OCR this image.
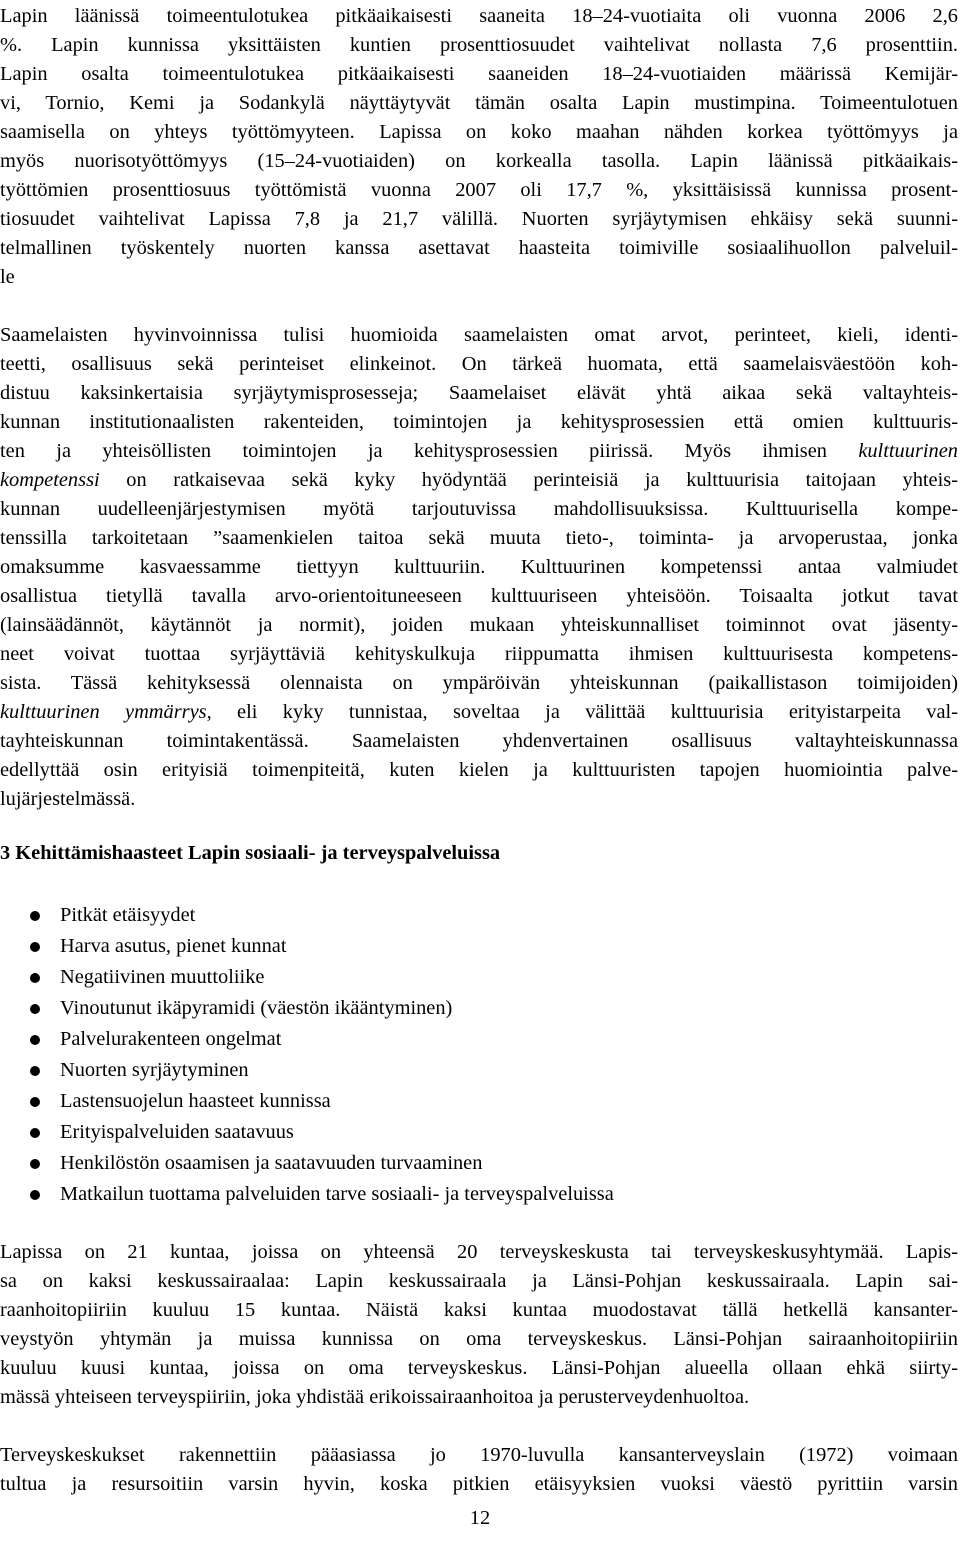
Lapin läänissä toimeentulotukea pitkäaikaisesti saaneita 18–24-vuotiaita oli vuonna 2006 2,6

%. Lapin kunnissa yksittäisten kuntien prosenttiosuudet vaihtelivat nollasta 7,6 prosenttiin.

Lapin osalta toimeentulotukea pitkäaikaisesti saaneiden 18–24-vuotiaiden määrissä Kemijär-

vi, Tornio, Kemi ja Sodankylä näyttäytyvät tämän osalta Lapin mustimpina. Toimeentulotuen

saamisella on yhteys työttömyyteen. Lapissa on koko maahan nähden korkea työttömyys ja

myös nuorisotyöttömyys (15–24-vuotiaiden) on korkealla tasolla. Lapin läänissä pitkäaikais-

työttömien prosenttiosuus työttömistä vuonna 2007 oli 17,7 %, yksittäisissä kunnissa prosent-

tiosuudet vaihtelivat Lapissa 7,8 ja 21,7 välillä. Nuorten syrjäytymisen ehkäisy sekä suunni-

telmallinen työskentely nuorten kanssa asettavat haasteita toimiville sosiaalihuollon palveluil-

le

Saamelaisten hyvinvoinnissa tulisi huomioida saamelaisten omat arvot, perinteet, kieli, identi-

teetti, osallisuus sekä perinteiset elinkeinot. On tärkeä huomata, että saamelaisväestöön koh-

distuu kaksinkertaisia syrjäytymisprosesseja; Saamelaiset elävät yhtä aikaa sekä valtayhteis-

kunnan institutionaalisten rakenteiden, toimintojen ja kehitysprosessien että omien kulttuuris-

ten ja yhteisöllisten toimintojen ja kehitysprosessien piirissä. Myös ihmisen kulttuurinen

kompetenssi on ratkaisevaa sekä kyky hyödyntää perinteisiä ja kulttuurisia taitojaan yhteis-

kunnan uudelleenjärjestymisen myötä tarjoutuvissa mahdollisuuksissa. Kulttuurisella kompe-

tenssilla tarkoitetaan ”saamenkielen taitoa sekä muuta tieto-, toiminta- ja arvoperustaa, jonka

omaksumme kasvaessamme tiettyyn kulttuuriin. Kulttuurinen kompetenssi antaa valmiudet

osallistua tietyllä tavalla arvo-orientoituneeseen kulttuuriseen yhteisöön. Toisaalta jotkut tavat

(lainsäädännöt, käytännöt ja normit), joiden mukaan yhteiskunnalliset toiminnot ovat jäsenty-

neet voivat tuottaa syrjäyttäviä kehityskulkuja riippumatta ihmisen kulttuurisesta kompetens-

sista. Tässä kehityksessä olennaista on ympäröivän yhteiskunnan (paikallistason toimijoiden)

kulttuurinen ymmärrys, eli kyky tunnistaa, soveltaa ja välittää kulttuurisia erityistarpeita val-

tayhteiskunnan toimintakentässä. Saamelaisten yhdenvertainen osallisuus valtayhteiskunnassa

edellyttää osin erityisiä toimenpiteitä, kuten kielen ja kulttuuristen tapojen huomiointia palve-

lujärjestelmässä.

3 Kehittämishaasteet Lapin sosiaali- ja terveyspalveluissa
Pitkät etäisyydet
Harva asutus, pienet kunnat
Negatiivinen muuttoliike
Vinoutunut ikäpyramidi (väestön ikääntyminen)
Palvelurakenteen ongelmat
Nuorten syrjäytyminen
Lastensuojelun haasteet kunnissa
Erityispalveluiden saatavuus
Henkilöstön osaamisen ja saatavuuden turvaaminen
Matkailun tuottama palveluiden tarve sosiaali- ja terveyspalveluissa

Lapissa on 21 kuntaa, joissa on yhteensä 20 terveyskeskusta tai terveyskeskusyhtymää. Lapis-

sa on kaksi keskussairaalaa: Lapin keskussairaala ja Länsi-Pohjan keskussairaala. Lapin sai-

raanhoitopiiriin kuuluu 15 kuntaa. Näistä kaksi kuntaa muodostavat tällä hetkellä kansanter-

veystyön yhtymän ja muissa kunnissa on oma terveyskeskus. Länsi-Pohjan sairaanhoitopiiriin

kuuluu kuusi kuntaa, joissa on oma terveyskeskus. Länsi-Pohjan alueella ollaan ehkä siirty-

mässä yhteiseen terveyspiiriin, joka yhdistää erikoissairaanhoitoa ja perusterveydenhuoltoa.

Terveyskeskukset rakennettiin pääasiassa jo 1970-luvulla kansanterveyslain (1972) voimaan

tultua ja resursoitiin varsin hyvin, koska pitkien etäisyyksien vuoksi väestö pyrittiin varsin

12
